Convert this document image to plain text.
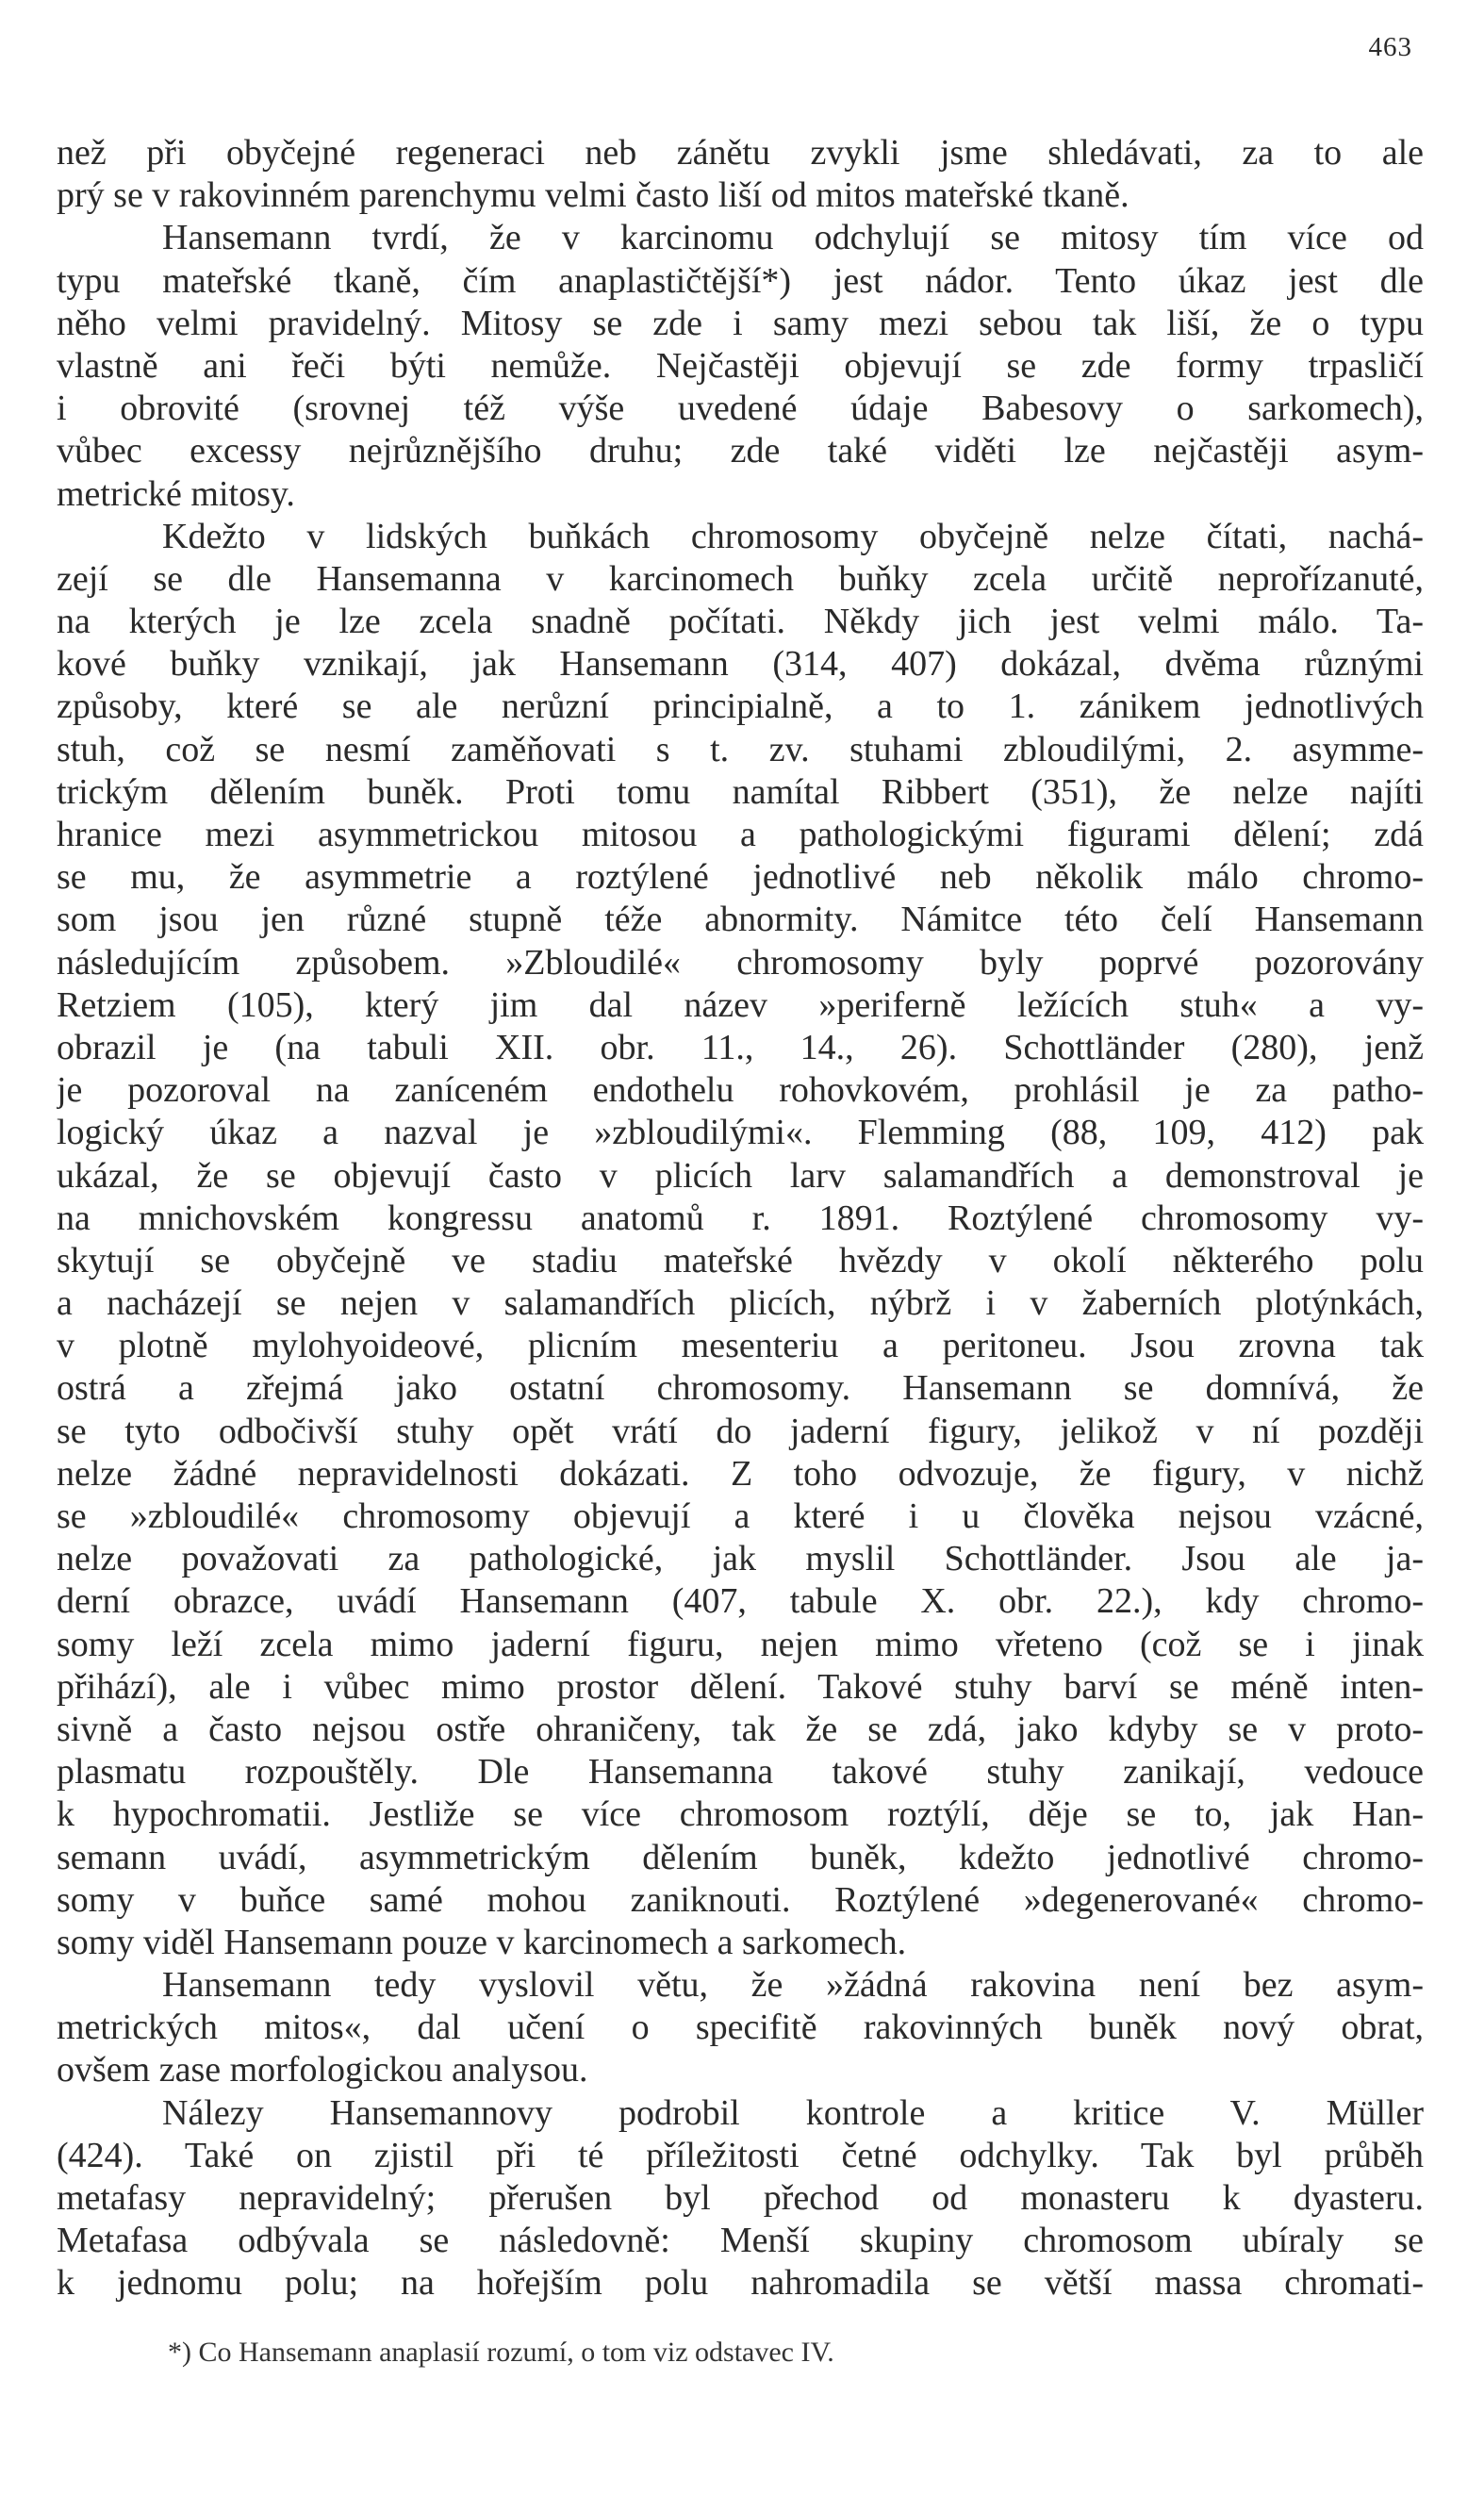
463
než při obyčejné regeneraci neb zánětu zvykli jsme shledávati, za to ale
prý se v rakovinném parenchymu velmi často liší od mitos mateřské tkaně.
Hansemann tvrdí, že v karcinomu odchylují se mitosy tím více od
typu mateřské tkaně, čím anaplastičtější*) jest nádor. Tento úkaz jest dle
něho velmi pravidelný. Mitosy se zde i samy mezi sebou tak liší, že o typu
vlastně ani řeči býti nemůže. Nejčastěji objevují se zde formy trpasličí
i obrovité (srovnej též výše uvedené údaje Babesovy o sarkomech),
vůbec excessy nejrůznějšího druhu; zde také viděti lze nejčastěji asym-
metrické mitosy.
Kdežto v lidských buňkách chromosomy obyčejně nelze čítati, nachá-
zejí se dle Hansemanna v karcinomech buňky zcela určitě neprořízanuté,
na kterých je lze zcela snadně počítati. Někdy jich jest velmi málo. Ta-
kové buňky vznikají, jak Hansemann (314, 407) dokázal, dvěma různými
způsoby, které se ale nerůzní principialně, a to 1. zánikem jednotlivých
stuh, což se nesmí zaměňovati s t. zv. stuhami zbloudilými, 2. asymme-
trickým dělením buněk. Proti tomu namítal Ribbert (351), že nelze najíti
hranice mezi asymmetrickou mitosou a pathologickými figurami dělení; zdá
se mu, že asymmetrie a roztýlené jednotlivé neb několik málo chromo-
som jsou jen různé stupně téže abnormity. Námitce této čelí Hansemann
následujícím způsobem. »Zbloudilé« chromosomy byly poprvé pozorovány
Retziem (105), který jim dal název »periferně ležících stuh« a vy-
obrazil je (na tabuli XII. obr. 11., 14., 26). Schottländer (280), jenž
je pozoroval na zaníceném endothelu rohovkovém, prohlásil je za patho-
logický úkaz a nazval je »zbloudilými«. Flemming (88, 109, 412) pak
ukázal, že se objevují často v plicích larv salamandřích a demonstroval je
na mnichovském kongressu anatomů r. 1891. Roztýlené chromosomy vy-
skytují se obyčejně ve stadiu mateřské hvězdy v okolí některého polu
a nacházejí se nejen v salamandřích plicích, nýbrž i v žaberních plotýnkách,
v plotně mylohyoideové, plicním mesenteriu a peritoneu. Jsou zrovna tak
ostrá a zřejmá jako ostatní chromosomy. Hansemann se domnívá, že
se tyto odbočivší stuhy opět vrátí do jaderní figury, jelikož v ní později
nelze žádné nepravidelnosti dokázati. Z toho odvozuje, že figury, v nichž
se »zbloudilé« chromosomy objevují a které i u člověka nejsou vzácné,
nelze považovati za pathologické, jak myslil Schottländer. Jsou ale ja-
derní obrazce, uvádí Hansemann (407, tabule X. obr. 22.), kdy chromo-
somy leží zcela mimo jaderní figuru, nejen mimo vřeteno (což se i jinak
přihází), ale i vůbec mimo prostor dělení. Takové stuhy barví se méně inten-
sivně a často nejsou ostře ohraničeny, tak že se zdá, jako kdyby se v proto-
plasmatu rozpouštěly. Dle Hansemanna takové stuhy zanikají, vedouce
k hypochromatii. Jestliže se více chromosom roztýlí, děje se to, jak Han-
semann uvádí, asymmetrickým dělením buněk, kdežto jednotlivé chromo-
somy v buňce samé mohou zaniknouti. Roztýlené »degenerované« chromo-
somy viděl Hansemann pouze v karcinomech a sarkomech.
Hansemann tedy vyslovil větu, že »žádná rakovina není bez asym-
metrických mitos«, dal učení o specifitě rakovinných buněk nový obrat,
ovšem zase morfologickou analysou.
Nálezy Hansemannovy podrobil kontrole a kritice V. Müller
(424). Také on zjistil při té příležitosti četné odchylky. Tak byl průběh
metafasy nepravidelný; přerušen byl přechod od monasteru k dyasteru.
Metafasa odbývala se následovně: Menší skupiny chromosom ubíraly se
k jednomu polu; na hořejším polu nahromadila se větší massa chromati-
*) Co Hansemann anaplasií rozumí, o tom viz odstavec IV.
